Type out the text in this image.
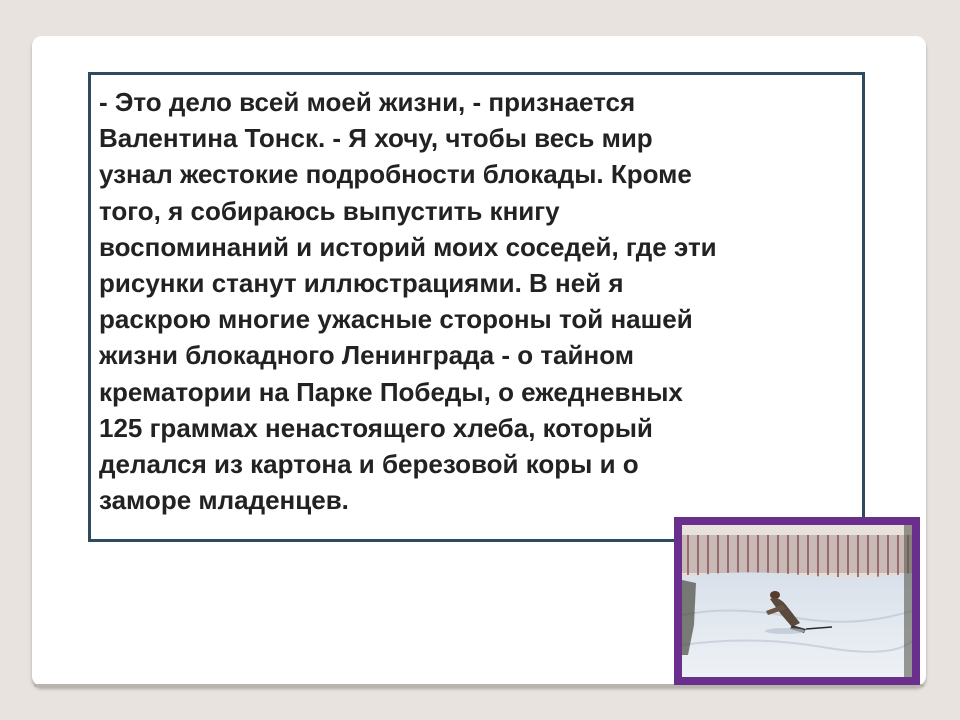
- Это дело всей моей жизни, - признается
Валентина Тонск. - Я хочу, чтобы весь мир
узнал жестокие подробности блокады. Кроме
того, я собираюсь выпустить книгу
воспоминаний и историй моих соседей, где эти
рисунки станут иллюстрациями. В ней я
раскрою многие ужасные стороны той нашей
жизни блокадного Ленинграда - о тайном
крематории на Парке Победы, о ежедневных
125 граммах ненастоящего хлеба, который
делался из картона и березовой коры и о
заморе младенцев.
